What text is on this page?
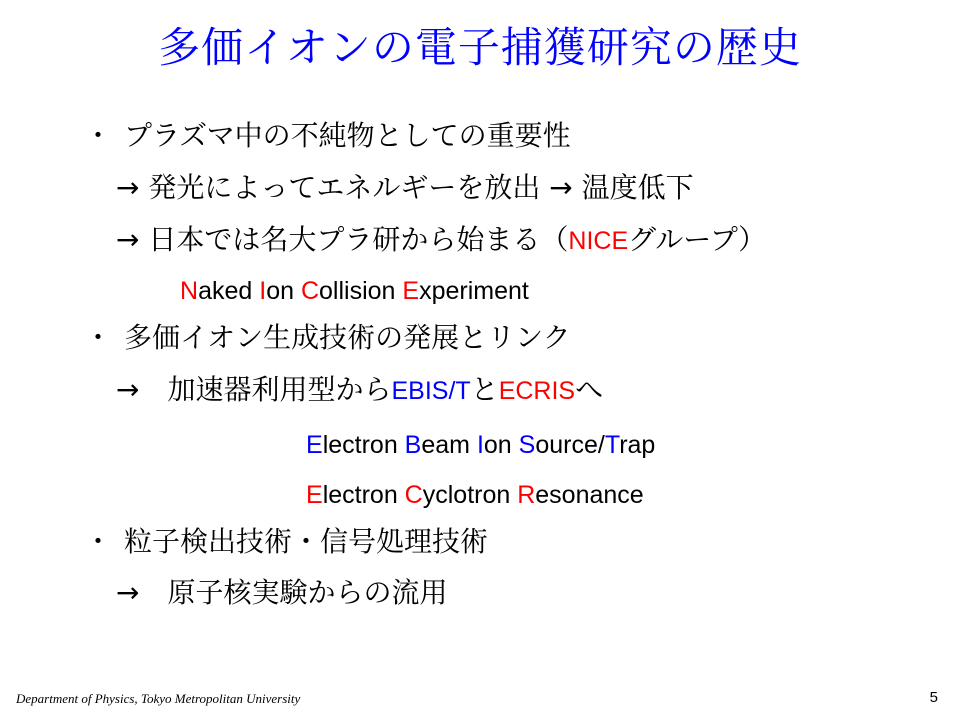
多価イオンの電子捕獲研究の歴史
・ プラズマ中の不純物としての重要性
→ 発光によってエネルギーを放出 → 温度低下
→ 日本では名大プラ研から始まる（NICEグループ）
Naked Ion Collision Experiment
・ 多価イオン生成技術の発展とリンク
→ 加速器利用型からEBIS/TとECRISへ
Electron Beam Ion Source/Trap
Electron Cyclotron Resonance
・ 粒子検出技術・信号処理技術
→ 原子核実験からの流用
Department of Physics, Tokyo Metropolitan University	5
